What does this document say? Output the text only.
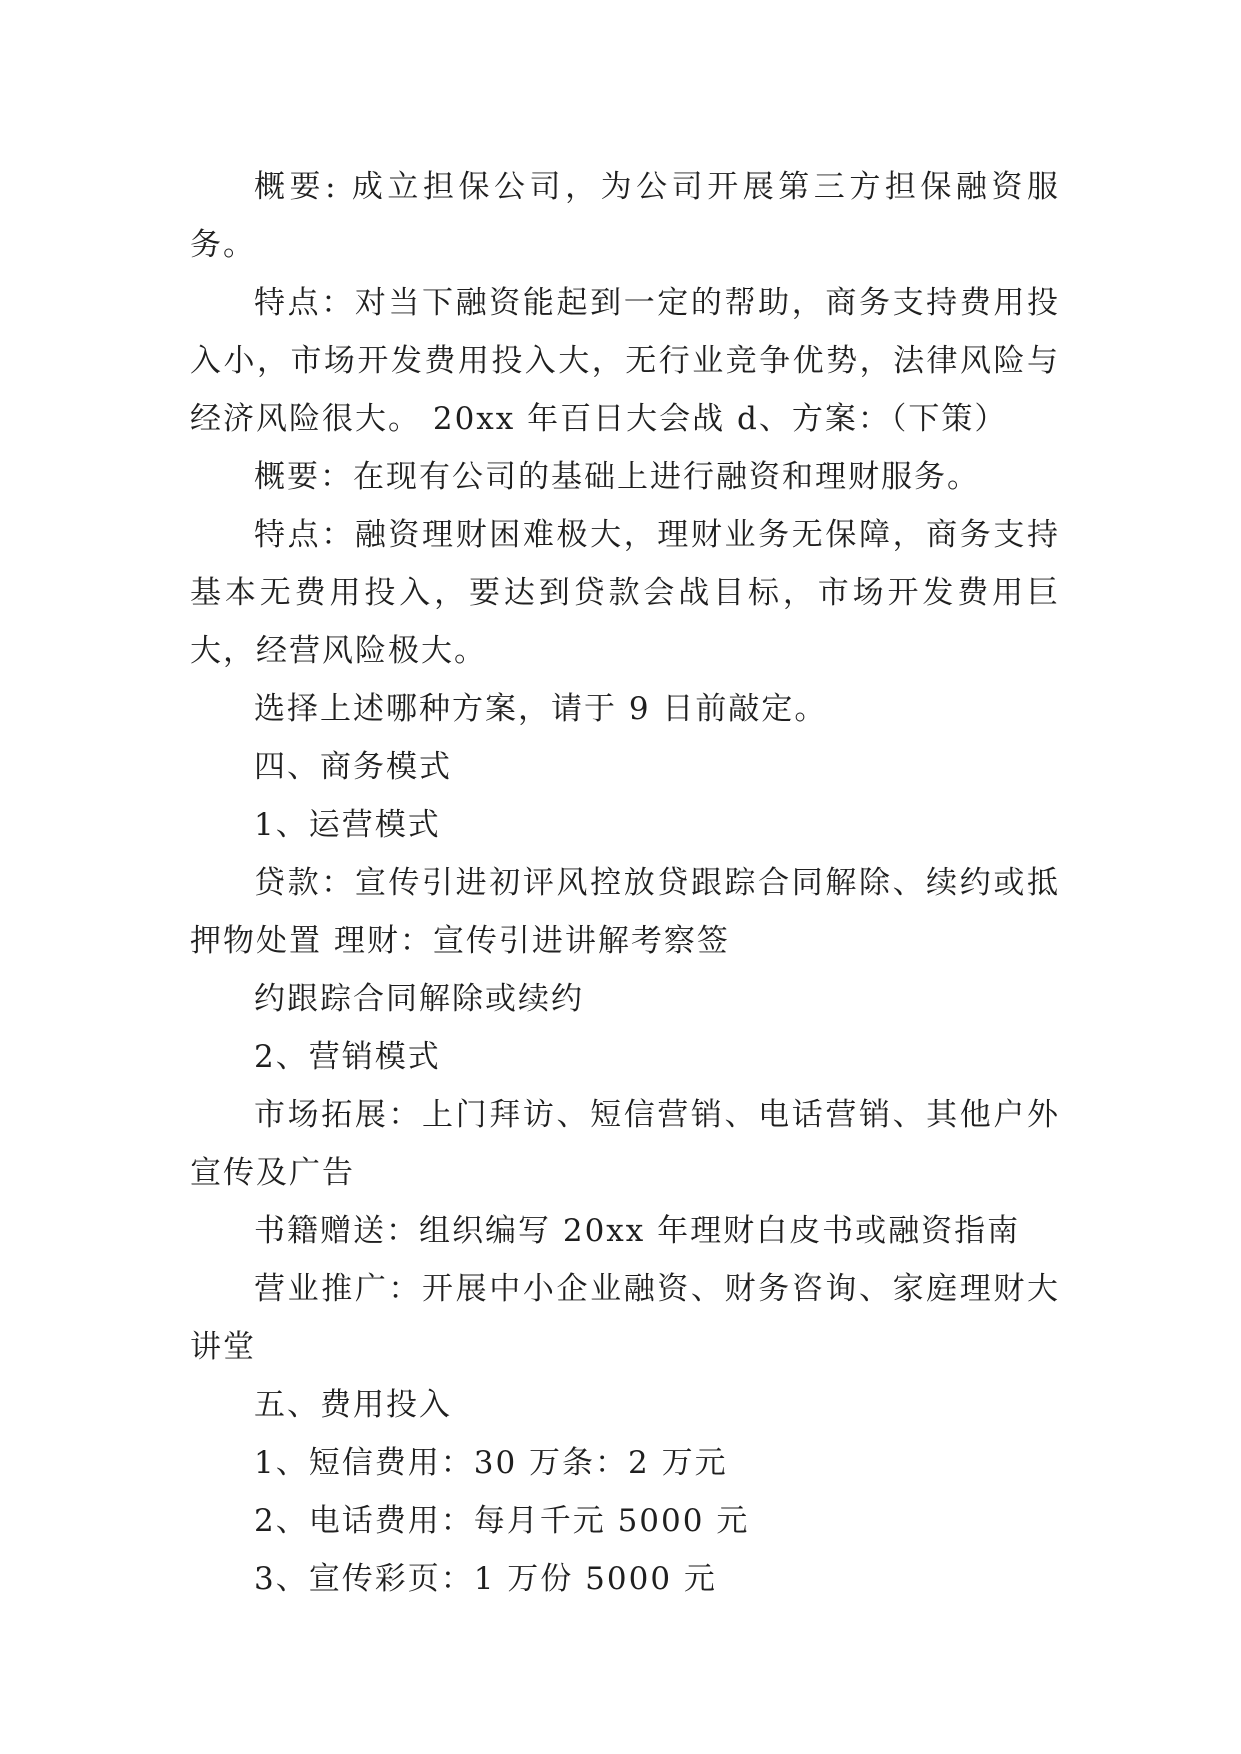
概要: 成立担保公司，为公司开展第三方担保融资服务。

特点：对当下融资能起到一定的帮助，商务支持费用投入小，市场开发费用投入大，无行业竞争优势，法律风险与经济风险很大。 20xx 年百日大会战 d、方案：（下策）

概要：在现有公司的基础上进行融资和理财服务。

特点：融资理财困难极大，理财业务无保障，商务支持基本无费用投入，要达到贷款会战目标，市场开发费用巨大，经营风险极大。

选择上述哪种方案，请于 9 日前敲定。

四、商务模式

1、运营模式

贷款：宣传引进初评风控放贷跟踪合同解除、续约或抵押物处置 理财：宣传引进讲解考察签

约跟踪合同解除或续约

2、营销模式

市场拓展：上门拜访、短信营销、电话营销、其他户外宣传及广告

书籍赠送：组织编写 20xx 年理财白皮书或融资指南

营业推广：开展中小企业融资、财务咨询、家庭理财大讲堂

五、费用投入

1、短信费用：30 万条：2 万元

2、电话费用：每月千元 5000 元

3、宣传彩页：1 万份 5000 元
